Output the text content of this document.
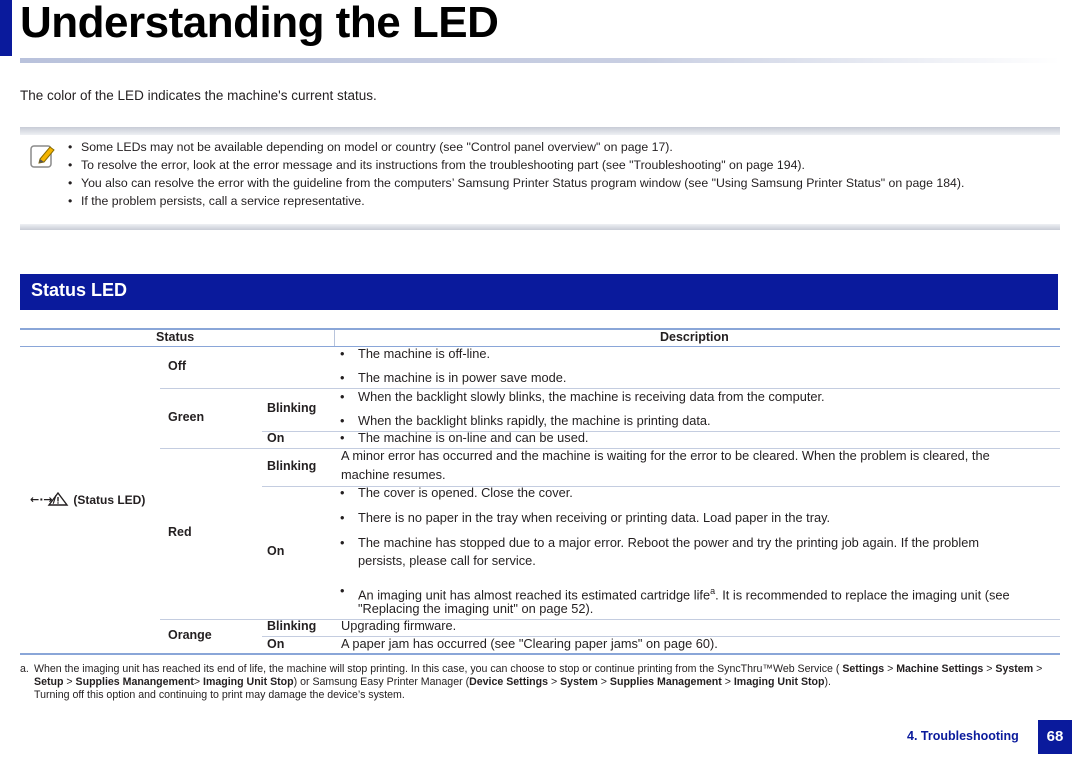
Understanding the LED

The color of the LED indicates the machine's current status.

• Some LEDs may not be available depending on model or country (see "Control panel overview" on page 17).
• To resolve the error, look at the error message and its instructions from the troubleshooting part (see "Troubleshooting" on page 194).
• You also can resolve the error with the guideline from the computers’ Samsung Printer Status program window (see "Using Samsung Printer Status" on page 184).
• If the problem persists, call a service representative.
Status LED
Status	Description
←·→/ (Status LED)
Off
• The machine is off-line.
• The machine is in power save mode.
Green
Blinking
• When the backlight slowly blinks, the machine is receiving data from the computer.
• When the backlight blinks rapidly, the machine is printing data.
On
•	The machine is on-line and can be used.
Red
Blinking
A minor error has occurred and the machine is waiting for the error to be cleared. When the problem is cleared, the
machine resumes.
On
• The cover is opened. Close the cover.
• There is no paper in the tray when receiving or printing data. Load paper in the tray.
• The machine has stopped due to a major error. Reboot the power and try the printing job again. If the problem
persists, please call for service.
• An imaging unit has almost reached its estimated cartridge life$^a$. It is recommended to replace the imaging unit (see
"Replacing the imaging unit" on page 52).
Orange
Blinking Upgrading firmware.
On	A paper jam has occurred (see "Clearing paper jams" on page 60).
a. When the imaging unit has reached its end of life, the machine will stop printing. In this case, you can choose to stop or continue printing from the SyncThru™Web Service ( Settings > Machine Settings > System > Setup > Supplies Manangement> Imaging Unit Stop) or Samsung Easy Printer Manager (Device Settings > System > Supplies Management > Imaging Unit Stop).
Turning off this option and continuing to print may damage the device’s system.
4. Troubleshooting	68
